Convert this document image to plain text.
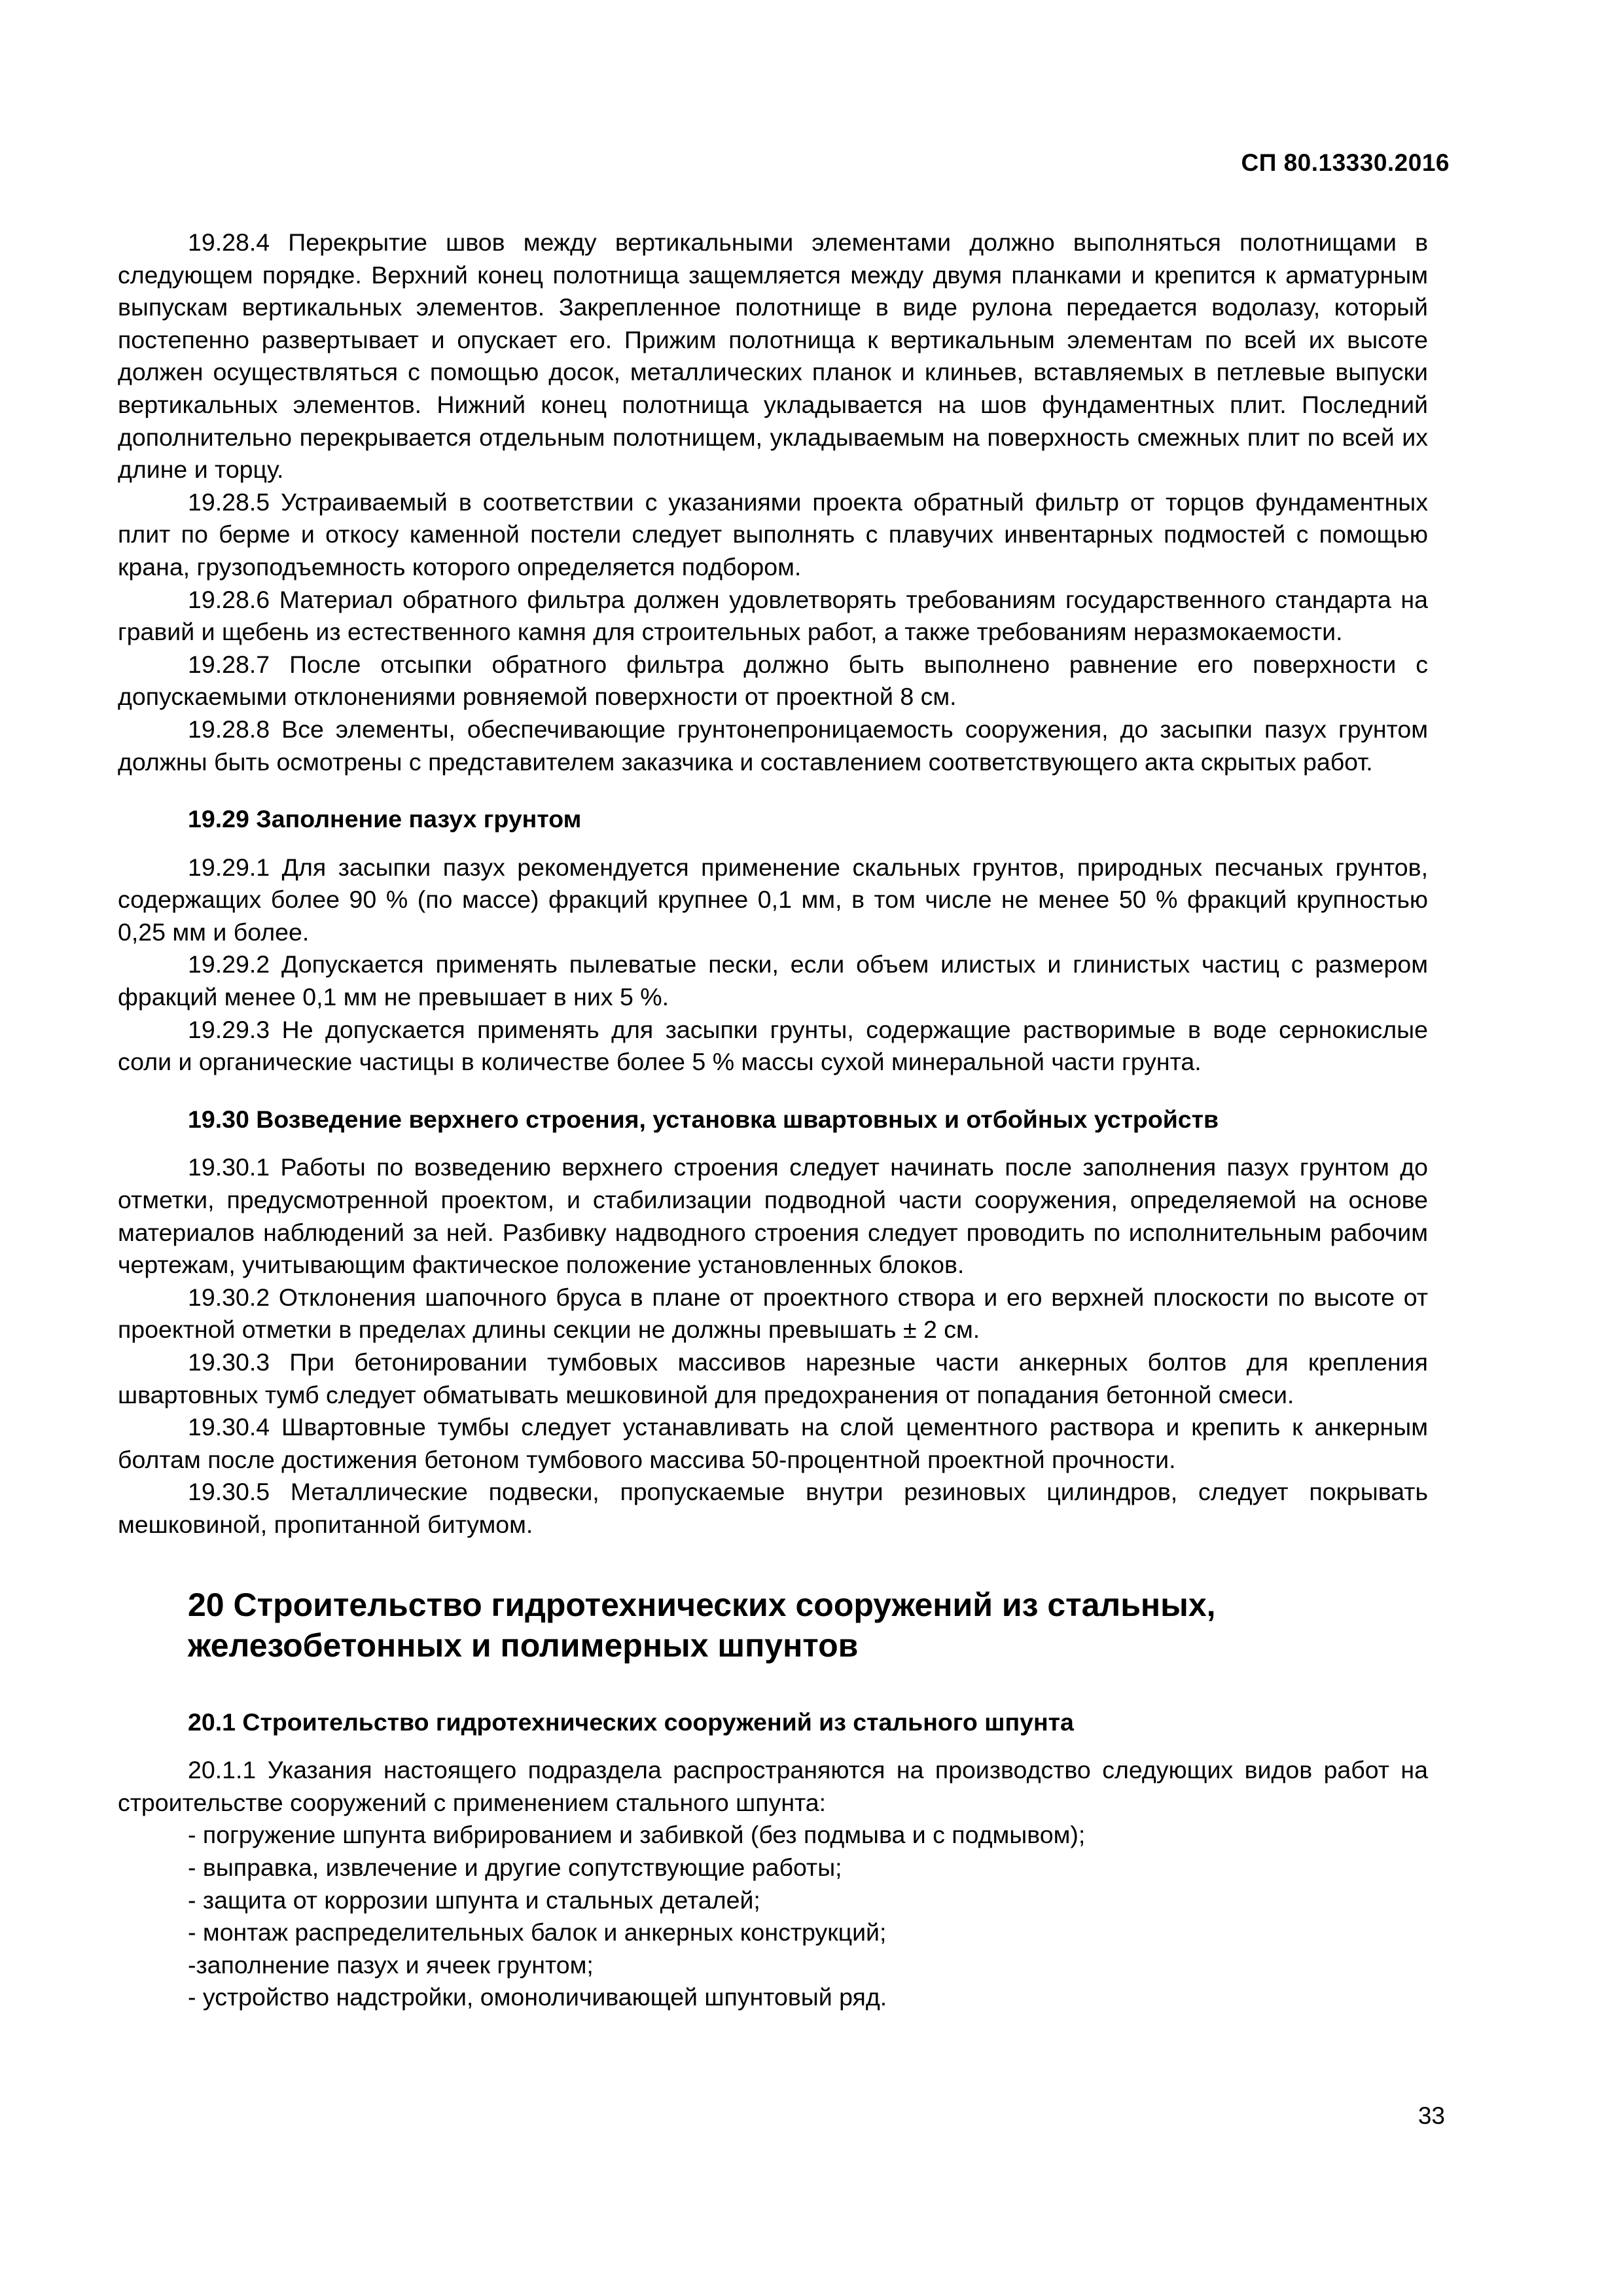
СП 80.13330.2016

19.28.4 Перекрытие швов между вертикальными элементами должно выполняться полотнищами в следующем порядке. Верхний конец полотнища защемляется между двумя планками и крепится к арматурным выпускам вертикальных элементов. Закрепленное полотнище в виде рулона передается водолазу, который постепенно развертывает и опускает его. Прижим полотнища к вертикальным элементам по всей их высоте должен осуществляться с помощью досок, металлических планок и клиньев, вставляемых в петлевые выпуски вертикальных элементов. Нижний конец полотнища укладывается на шов фундаментных плит. Последний дополнительно перекрывается отдельным полотнищем, укладываемым на поверхность смежных плит по всей их длине и торцу.

19.28.5 Устраиваемый в соответствии с указаниями проекта обратный фильтр от торцов фундаментных плит по берме и откосу каменной постели следует выполнять с плавучих инвентарных подмостей с помощью крана, грузоподъемность которого определяется подбором.

19.28.6 Материал обратного фильтра должен удовлетворять требованиям государственного стандарта на гравий и щебень из естественного камня для строительных работ, а также требованиям неразмокаемости.

19.28.7 После отсыпки обратного фильтра должно быть выполнено равнение его поверхности с допускаемыми отклонениями ровняемой поверхности от проектной 8 см.

19.28.8 Все элементы, обеспечивающие грунтонепроницаемость сооружения, до засыпки пазух грунтом должны быть осмотрены с представителем заказчика и составлением соответствующего акта скрытых работ.

19.29 Заполнение пазух грунтом

19.29.1 Для засыпки пазух рекомендуется применение скальных грунтов, природных песчаных грунтов, содержащих более 90 % (по массе) фракций крупнее 0,1 мм, в том числе не менее 50 % фракций крупностью 0,25 мм и более.

19.29.2 Допускается применять пылеватые пески, если объем илистых и глинистых частиц с размером фракций менее 0,1 мм не превышает в них 5 %.

19.29.3 Не допускается применять для засыпки грунты, содержащие растворимые в воде сернокислые соли и органические частицы в количестве более 5 % массы сухой минеральной части грунта.

19.30 Возведение верхнего строения, установка швартовных и отбойных устройств

19.30.1 Работы по возведению верхнего строения следует начинать после заполнения пазух грунтом до отметки, предусмотренной проектом, и стабилизации подводной части сооружения, определяемой на основе материалов наблюдений за ней. Разбивку надводного строения следует проводить по исполнительным рабочим чертежам, учитывающим фактическое положение установленных блоков.

19.30.2 Отклонения шапочного бруса в плане от проектного створа и его верхней плоскости по высоте от проектной отметки в пределах длины секции не должны превышать ± 2 см.

19.30.3 При бетонировании тумбовых массивов нарезные части анкерных болтов для крепления швартовных тумб следует обматывать мешковиной для предохранения от попадания бетонной смеси.

19.30.4 Швартовные тумбы следует устанавливать на слой цементного раствора и крепить к анкерным болтам после достижения бетоном тумбового массива 50-процентной проектной прочности.

19.30.5 Металлические подвески, пропускаемые внутри резиновых цилиндров, следует покрывать мешковиной, пропитанной битумом.

20 Строительство гидротехнических сооружений из стальных,
железобетонных и полимерных шпунтов
20.1 Строительство гидротехнических сооружений из стального шпунта

20.1.1 Указания настоящего подраздела распространяются на производство следующих видов работ на строительстве сооружений с применением стального шпунта:

- погружение шпунта вибрированием и забивкой (без подмыва и с подмывом);

- выправка, извлечение и другие сопутствующие работы;

- защита от коррозии шпунта и стальных деталей;

- монтаж распределительных балок и анкерных конструкций;

-заполнение пазух и ячеек грунтом;

- устройство надстройки, омоноличивающей шпунтовый ряд.

33
